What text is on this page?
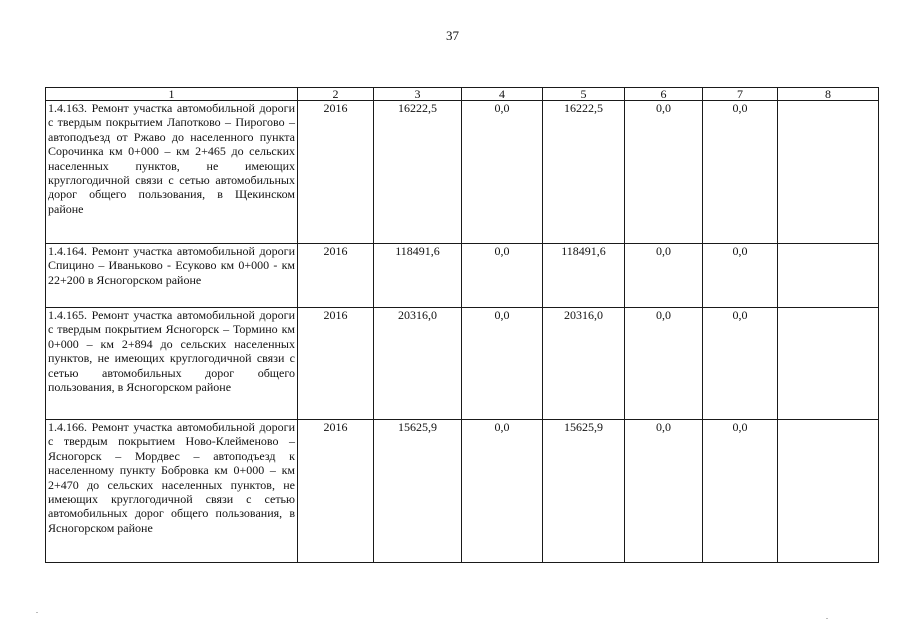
37
1	2	3	4	5	6	7	8
1.4.163. Ремонт участка автомобильной дороги с твердым покрытием Лапотково – Пирогово – автоподъезд от Ржаво до населенного пункта Сорочинка км 0+000 – км 2+465 до сельских населенных пунктов, не имеющих круглогодичной связи с сетью автомобильных дорог общего пользования, в Щекинском районе	2016	16222,5	0,0	16222,5	0,0	0,0	
1.4.164. Ремонт участка автомобильной дороги Спицино – Иваньково - Есуково км 0+000 - км 22+200 в Ясногорском районе	2016	118491,6	0,0	118491,6	0,0	0,0	
1.4.165. Ремонт участка автомобильной дороги с твердым покрытием Ясногорск – Тормино км 0+000 – км 2+894 до сельских населенных пунктов, не имеющих круглогодичной связи с сетью автомобильных дорог общего пользования, в Ясногорском районе	2016	20316,0	0,0	20316,0	0,0	0,0	
1.4.166. Ремонт участка автомобильной дороги с твердым покрытием Ново-Клейменово – Ясногорск – Мордвес – автоподъезд к населенному пункту Бобровка км 0+000 – км 2+470 до сельских населенных пунктов, не имеющих круглогодичной связи с сетью автомобильных дорог общего пользования, в Ясногорском районе	2016	15625,9	0,0	15625,9	0,0	0,0	
